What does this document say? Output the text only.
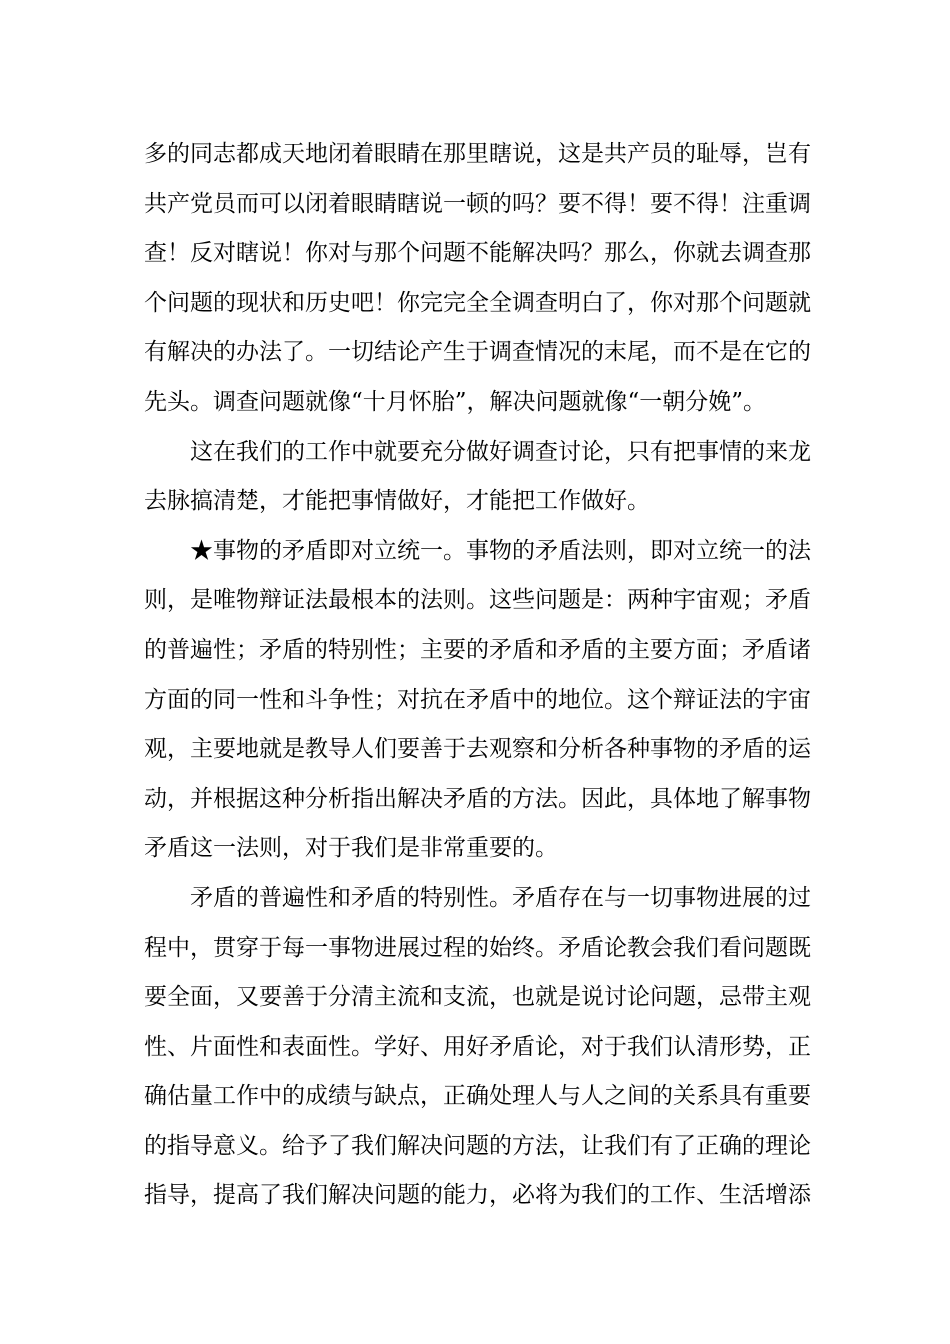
多的同志都成天地闭着眼睛在那里瞎说，这是共产员的耻辱，岂有
共产党员而可以闭着眼睛瞎说一顿的吗？要不得！要不得！注重调
查！反对瞎说！你对与那个问题不能解决吗？那么，你就去调查那
个问题的现状和历史吧！你完完全全调查明白了，你对那个问题就
有解决的办法了。一切结论产生于调查情况的末尾，而不是在它的
先头。调查问题就像“十月怀胎”，解决问题就像“一朝分娩”。
这在我们的工作中就要充分做好调查讨论，只有把事情的来龙
去脉搞清楚，才能把事情做好，才能把工作做好。
★事物的矛盾即对立统一。事物的矛盾法则，即对立统一的法
则，是唯物辩证法最根本的法则。这些问题是：两种宇宙观；矛盾
的普遍性；矛盾的特别性；主要的矛盾和矛盾的主要方面；矛盾诸
方面的同一性和斗争性；对抗在矛盾中的地位。这个辩证法的宇宙
观，主要地就是教导人们要善于去观察和分析各种事物的矛盾的运
动，并根据这种分析指出解决矛盾的方法。因此，具体地了解事物
矛盾这一法则，对于我们是非常重要的。
矛盾的普遍性和矛盾的特别性。矛盾存在与一切事物进展的过
程中，贯穿于每一事物进展过程的始终。矛盾论教会我们看问题既
要全面，又要善于分清主流和支流，也就是说讨论问题，忌带主观
性、片面性和表面性。学好、用好矛盾论，对于我们认清形势，正
确估量工作中的成绩与缺点，正确处理人与人之间的关系具有重要
的指导意义。给予了我们解决问题的方法，让我们有了正确的理论
指导，提高了我们解决问题的能力，必将为我们的工作、生活增添
